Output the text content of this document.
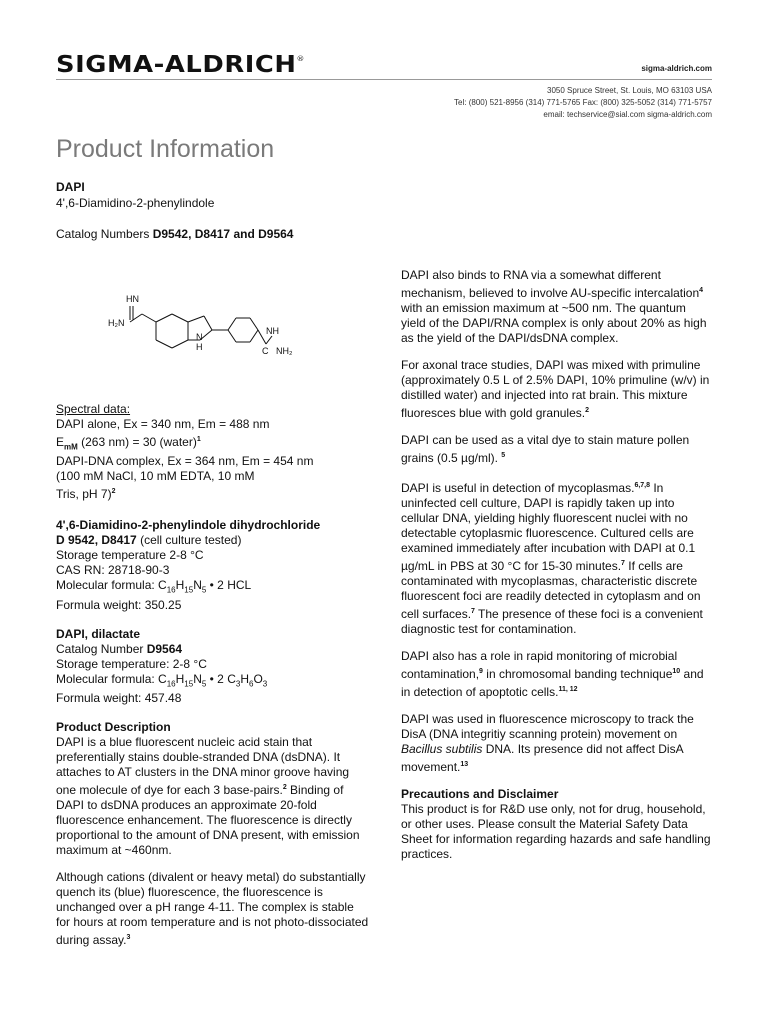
SIGMA-ALDRICH®
sigma-aldrich.com
3050 Spruce Street, St. Louis, MO 63103 USA
Tel: (800) 521-8956 (314) 771-5765 Fax: (800) 325-5052 (314) 771-5757
email: techservice@sial.com sigma-aldrich.com
Product Information
DAPI
4',6-Diamidino-2-phenylindole
Catalog Numbers D9542, D8417 and D9564
HN
H₂N
N
H
NH
C NH₂
Spectral data:
DAPI alone, Ex = 340 nm, Em = 488 nm
$E_{mM}$ (263 nm) = 30 (water)$^1$
DAPI-DNA complex, Ex = 364 nm, Em = 454 nm
(100 mM NaCl, 10 mM EDTA, 10 mM
Tris, pH 7)$^2$
4',6-Diamidino-2-phenylindole dihydrochloride
D 9542, D8417 (cell culture tested)
Storage temperature 2-8 °C
CAS RN: 28718-90-3
Molecular formula: $C_{16}H_{15}N_5$ • 2 HCL
Formula weight: 350.25
DAPI, dilactate
Catalog Number D9564
Storage temperature: 2-8 °C
Molecular formula: $C_{16}H_{15}N_5$ • 2 $C_3H_6O_3$
Formula weight: 457.48
Product Description

DAPI is a blue fluorescent nucleic acid stain that preferentially stains double-stranded DNA (dsDNA). It attaches to AT clusters in the DNA minor groove having one molecule of dye for each 3 base-pairs.$^2$ Binding of DAPI to dsDNA produces an approximate 20-fold fluorescence enhancement. The fluorescence is directly proportional to the amount of DNA present, with emission maximum at ~460nm.

Although cations (divalent or heavy metal) do substantially quench its (blue) fluorescence, the fluorescence is unchanged over a pH range 4-11. The complex is stable for hours at room temperature and is not photo-dissociated during assay.$^3$

DAPI also binds to RNA via a somewhat different mechanism, believed to involve AU-specific intercalation$^4$ with an emission maximum at ~500 nm. The quantum yield of the DAPI/RNA complex is only about 20% as high as the yield of the DAPI/dsDNA complex.

For axonal trace studies, DAPI was mixed with primuline (approximately 0.5 L of 2.5% DAPI, 10% primuline (w/v) in distilled water) and injected into rat brain. This mixture fluoresces blue with gold granules.$^2$

DAPI can be used as a vital dye to stain mature pollen grains (0.5 µg/ml). $^5$

DAPI is useful in detection of mycoplasmas.$^{6,7,8}$ In uninfected cell culture, DAPI is rapidly taken up into cellular DNA, yielding highly fluorescent nuclei with no detectable cytoplasmic fluorescence. Cultured cells are examined immediately after incubation with DAPI at 0.1 µg/mL in PBS at 30 °C for 15-30 minutes.$^7$ If cells are contaminated with mycoplasmas, characteristic discrete fluorescent foci are readily detected in cytoplasm and on cell surfaces.$^7$ The presence of these foci is a convenient diagnostic test for contamination.

DAPI also has a role in rapid monitoring of microbial contamination,$^9$ in chromosomal banding technique$^{10}$ and in detection of apoptotic cells.$^{11, 12}$

DAPI was used in fluorescence microscopy to track the DisA (DNA integritiy scanning protein) movement on Bacillus subtilis DNA. Its presence did not affect DisA movement.$^{13}$

Precautions and Disclaimer
This product is for R&D use only, not for drug, household, or other uses. Please consult the Material Safety Data Sheet for information regarding hazards and safe handling practices.
